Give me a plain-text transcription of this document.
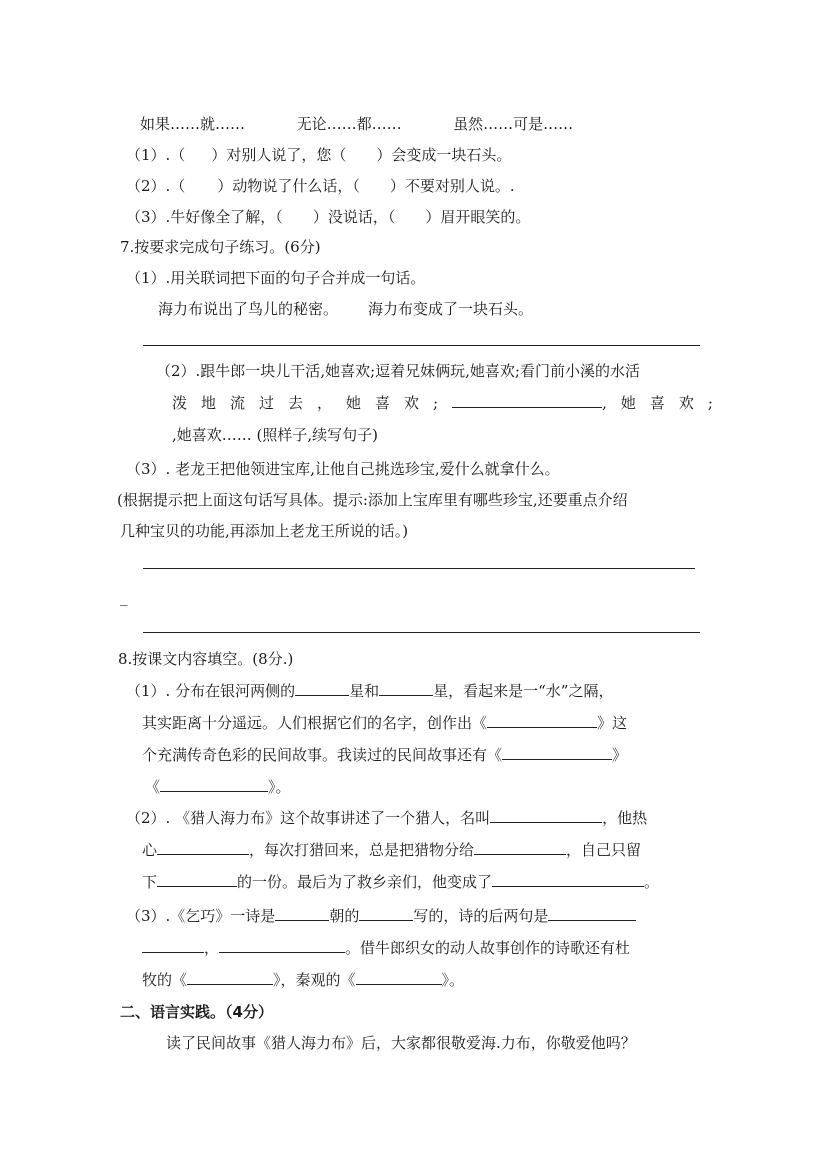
如果……就……	无论……都……	虽然……可是……
（1）.（ ）对别人说了，您（ ）会变成一块石头。
（2）.（ ）动物说了什么话，（ ）不要对别人说。.
（3）.牛好像全了解，（ ）没说话，（ ）眉开眼笑的。
7.按要求完成句子练习。(6分)
（1）.用关联词把下面的句子合并成一句话。
海力布说出了鸟儿的秘密。 海力布变成了一块石头。
（2）.跟牛郎一块儿干活,她喜欢;逗着兄妹俩玩,她喜欢;看门前小溪的水活
泼地流过去，她喜欢;	,她喜欢;
,她喜欢…… (照样子,续写句子)
（3）. 老龙王把他领进宝库,让他自己挑选珍宝,爱什么就拿什么。
(根据提示把上面这句话写具体。提示:添加上宝库里有哪些珍宝,还要重点介绍
几种宝贝的功能,再添加上老龙王所说的话。)
_
8.按课文内容填空。(8分.)
（1）. 分布在银河两侧的	星和	星，看起来是一“水”之隔，
其实距离十分遥远。人们根据它们的名字，创作出《	》这
个充满传奇色彩的民间故事。我读过的民间故事还有《	》
《	》。
（2）. 《猎人海力布》这个故事讲述了一个猎人，名叫	，他热
心	，每次打猎回来，总是把猎物分给	，自己只留
下	的一份。最后为了救乡亲们，他变成了	。
（3）.《乞巧》一诗是	朝的	写的，诗的后两句是
，	。借牛郎织女的动人故事创作的诗歌还有杜
牧的《	》，秦观的《	》。
二、语言实践。（4分）
读了民间故事《猎人海力布》后，大家都很敬爱海.力布，你敬爱他吗？
